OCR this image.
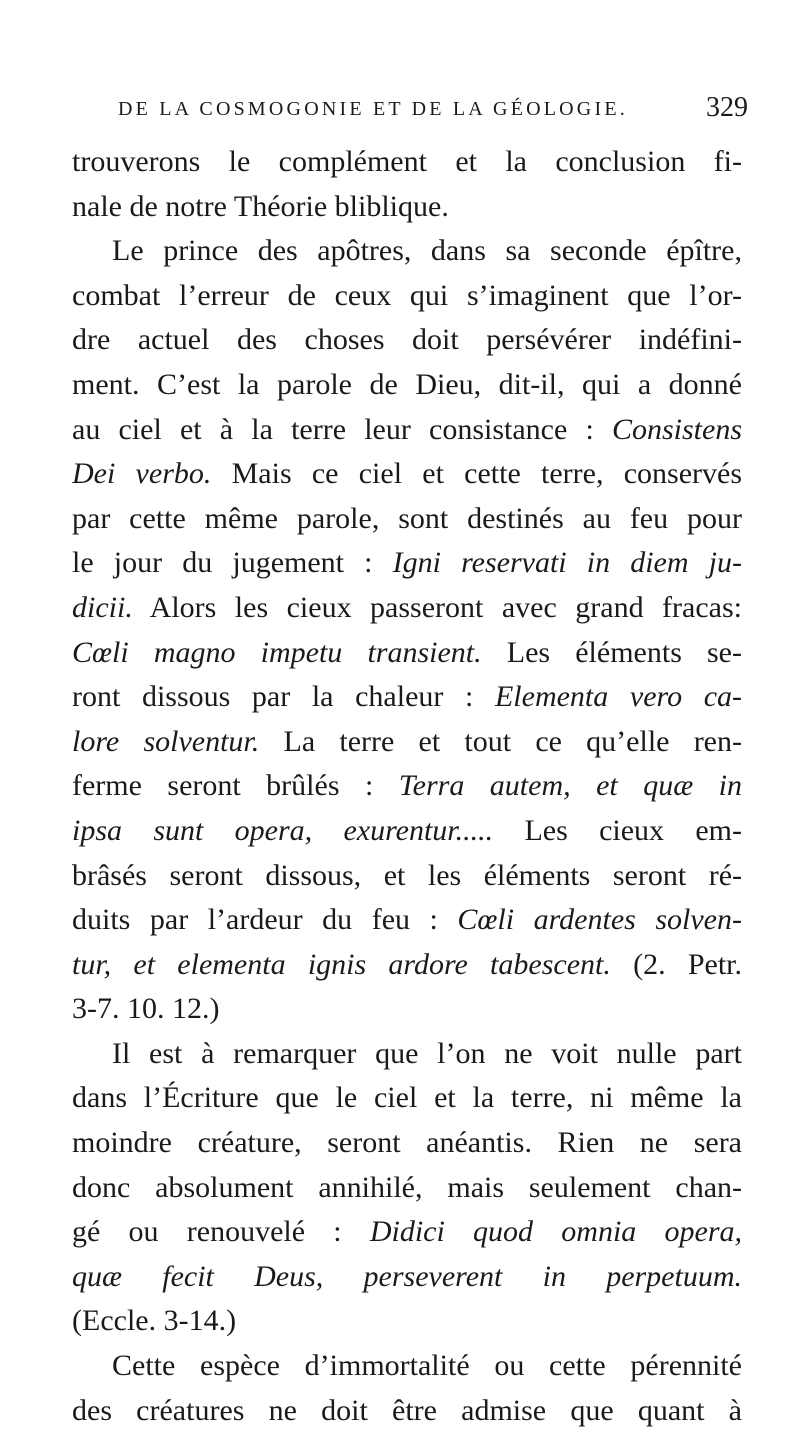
DE LA COSMOGONIE ET DE LA GÉOLOGIE.	329
trouverons le complément et la conclusion fi-
nale de notre Théorie bliblique.
Le prince des apôtres, dans sa seconde épître,
combat l’erreur de ceux qui s’imaginent que l’or-
dre actuel des choses doit persévérer indéfini-
ment. C’est la parole de Dieu, dit-il, qui a donné
au ciel et à la terre leur consistance : Consistens
Dei verbo. Mais ce ciel et cette terre, conservés
par cette même parole, sont destinés au feu pour
le jour du jugement : Igni reservati in diem ju-
dicii. Alors les cieux passeront avec grand fracas:
Cœli magno impetu transient. Les éléments se-
ront dissous par la chaleur : Elementa vero ca-
lore solventur. La terre et tout ce qu’elle ren-
ferme seront brûlés : Terra autem, et quæ in
ipsa sunt opera, exurentur..... Les cieux em-
brâsés seront dissous, et les éléments seront ré-
duits par l’ardeur du feu : Cœli ardentes solven-
tur, et elementa ignis ardore tabescent. (2. Petr.
3-7. 10. 12.)
Il est à remarquer que l’on ne voit nulle part
dans l’Écriture que le ciel et la terre, ni même la
moindre créature, seront anéantis. Rien ne sera
donc absolument annihilé, mais seulement chan-
gé ou renouvelé : Didici quod omnia opera,
quæ fecit Deus, perseverent in perpetuum.
(Eccle. 3-14.)
Cette espèce d’immortalité ou cette pérennité
des créatures ne doit être admise que quant à
